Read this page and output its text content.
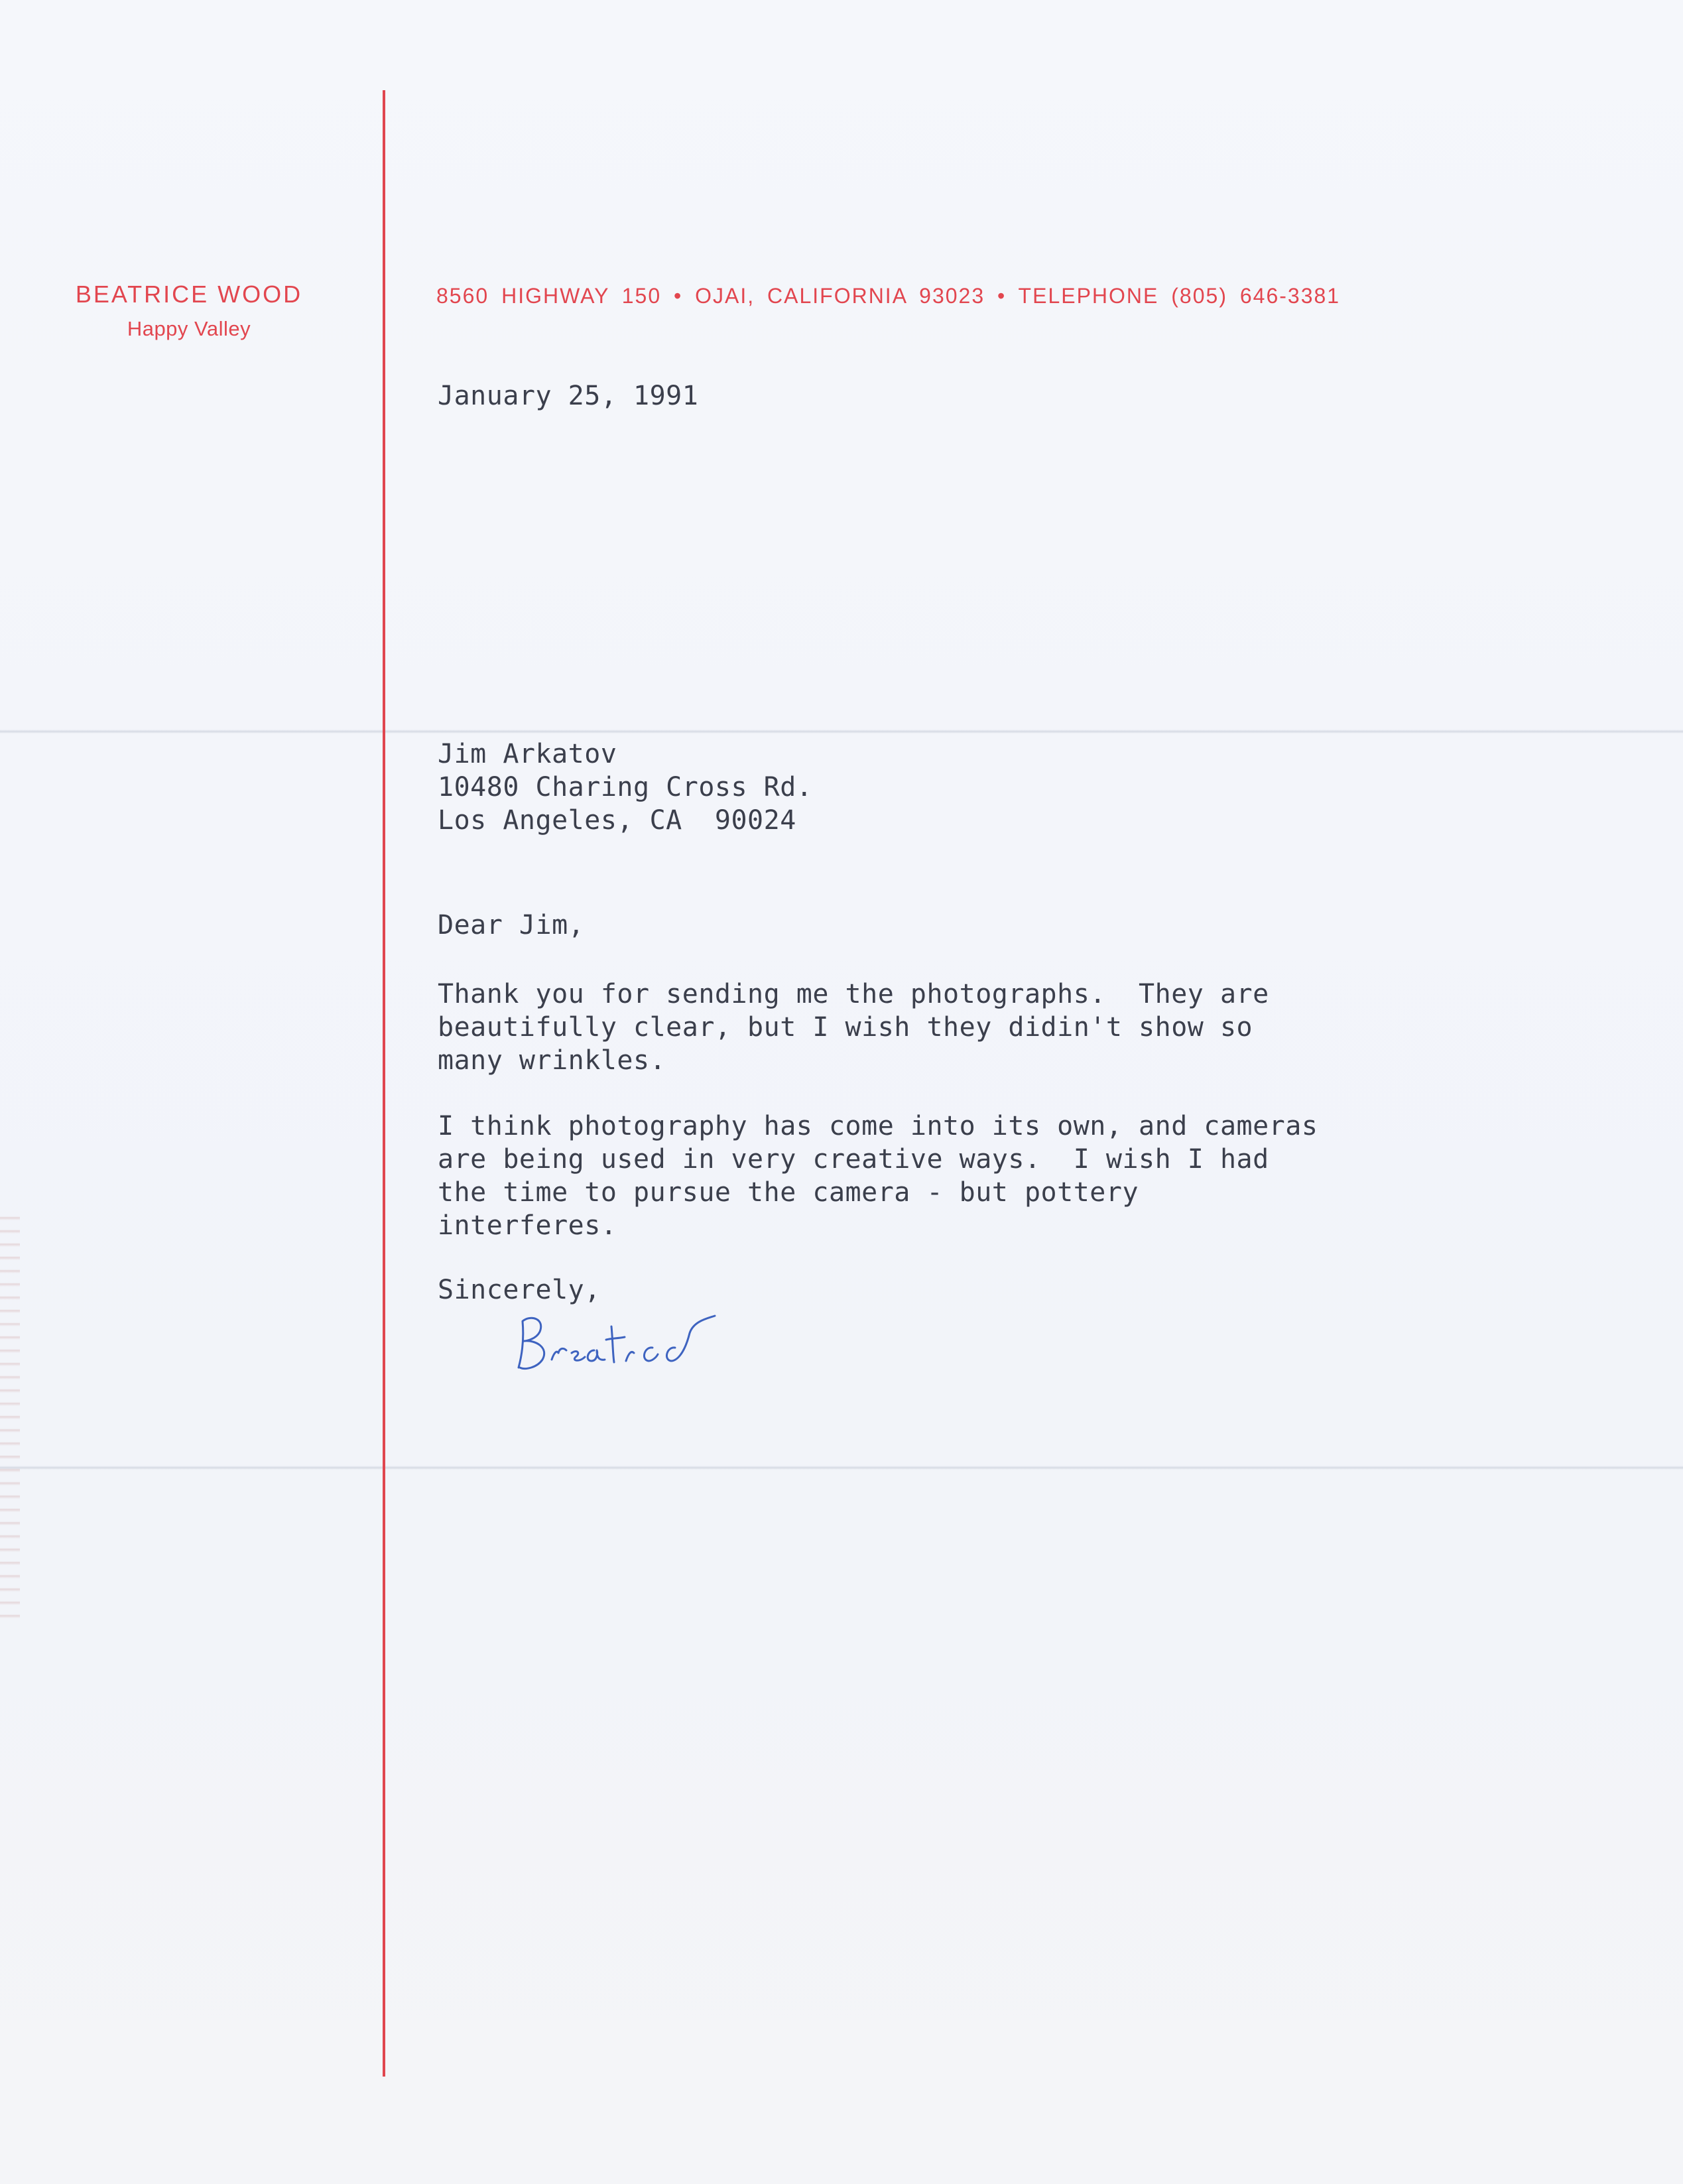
BEATRICE WOOD
Happy Valley
8560 HIGHWAY 150 • OJAI, CALIFORNIA 93023 • TELEPHONE (805) 646-3381
January 25, 1991
Jim Arkatov
10480 Charing Cross Rd.
Los Angeles, CA  90024
Dear Jim,
Thank you for sending me the photographs.  They are
beautifully clear, but I wish they didin't show so
many wrinkles.
I think photography has come into its own, and cameras
are being used in very creative ways.  I wish I had
the time to pursue the camera - but pottery
interferes.
Sincerely,
